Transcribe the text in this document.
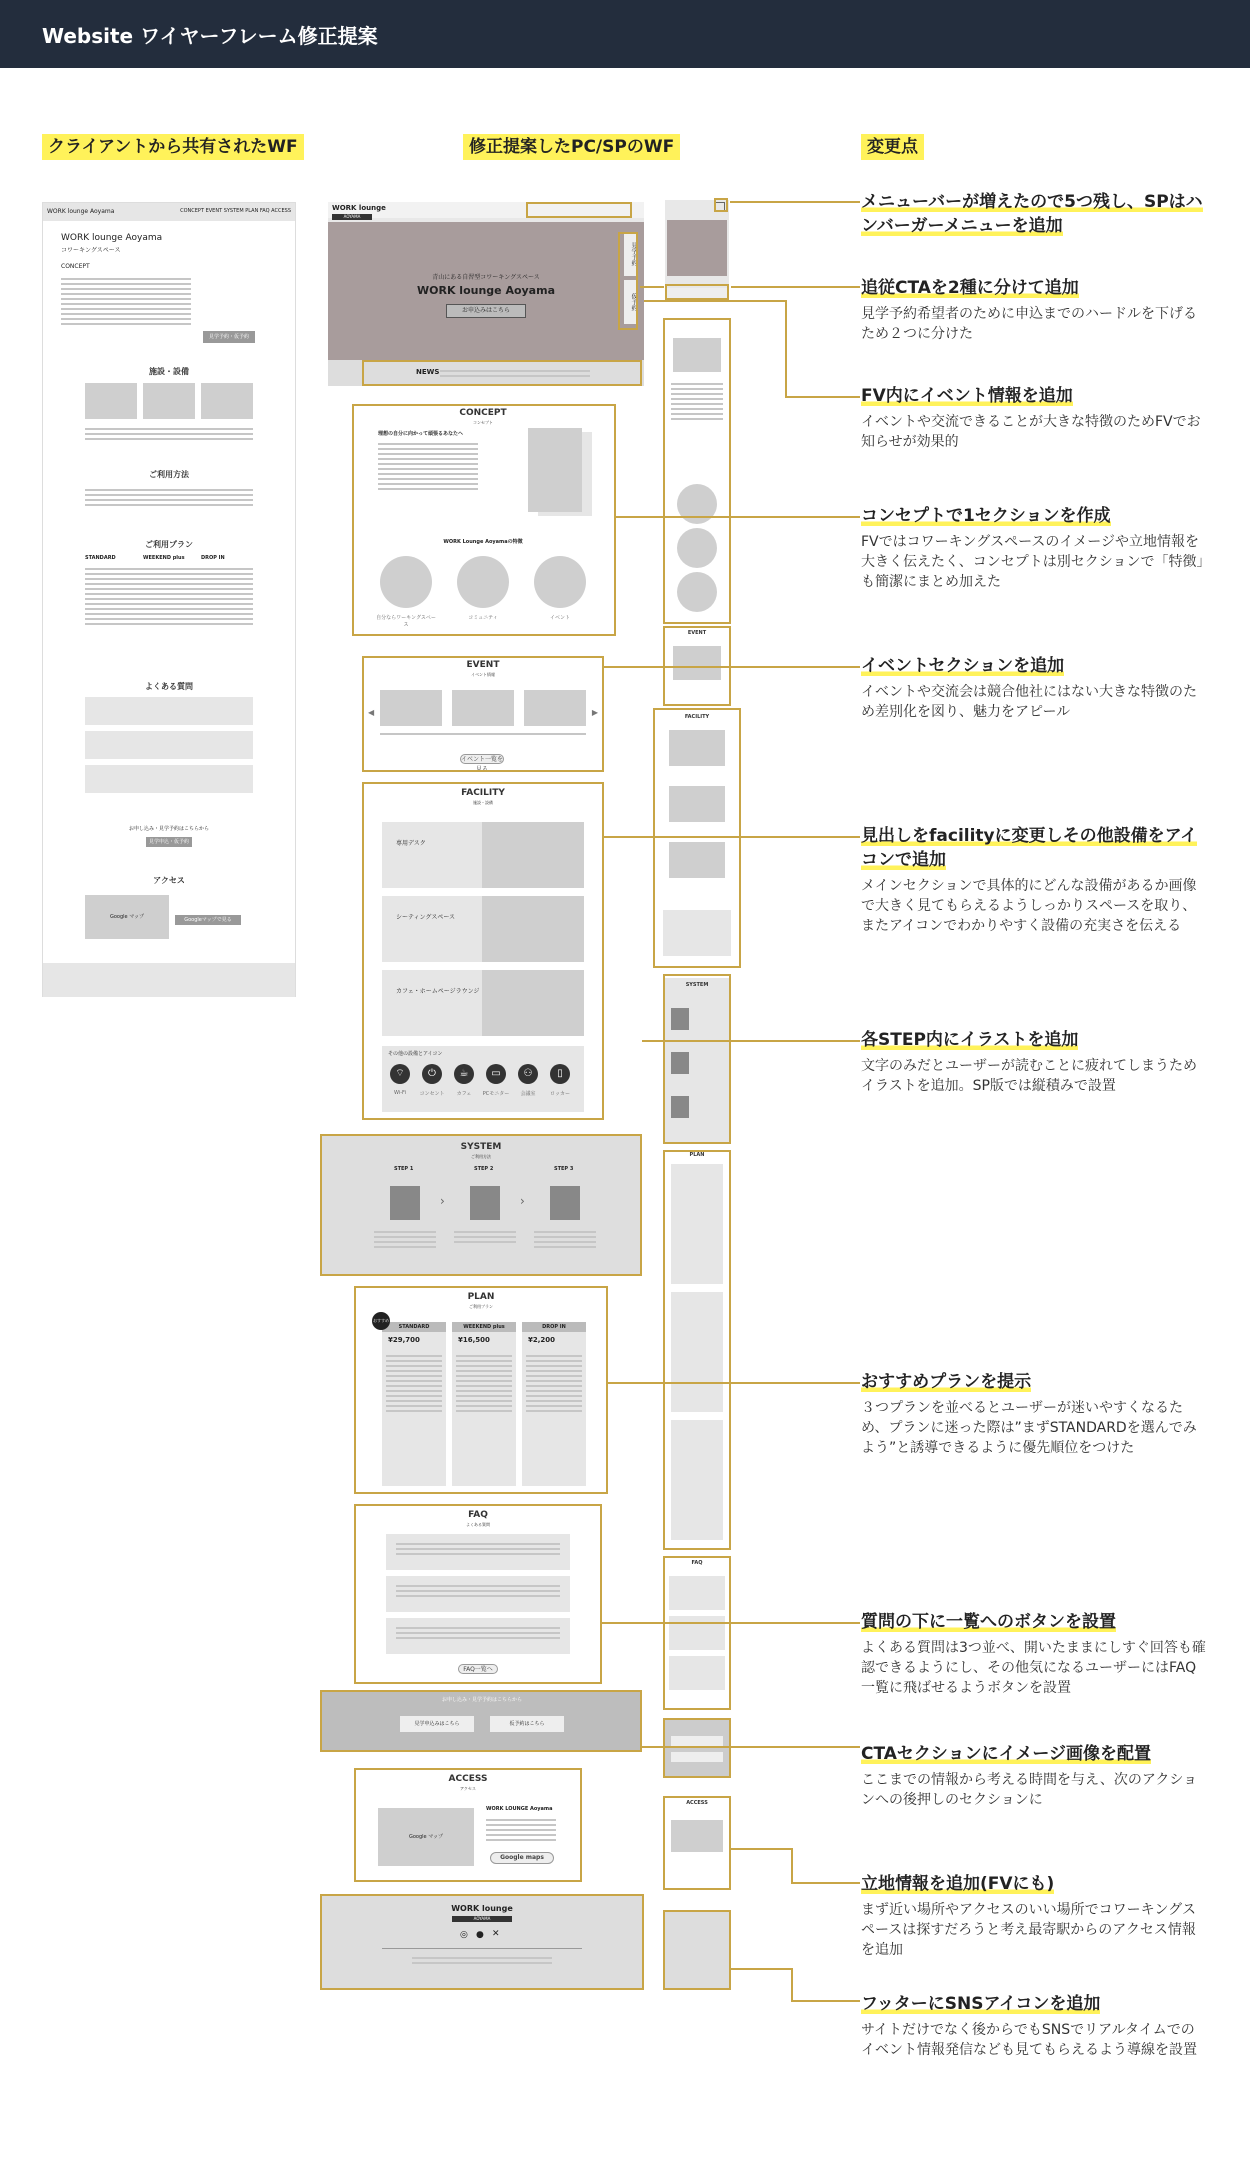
Website ワイヤーフレーム修正提案
クライアントから共有されたWF	修正提案したPC/SPのWF	変更点
WORK lounge Aoyama	CONCEPT EVENT SYSTEM PLAN FAQ ACCESS
WORK lounge Aoyama
コワーキングスペース
CONCEPT
見学予約・仮予約
施設・設備
ご利用方法
ご利用プラン
STANDARD	WEEKEND plus	DROP IN
よくある質問
お申し込み・見学予約はこちらから
見学申込・仮予約
アクセス
Google マップ	Googleマップで見る
WORK lounge
AOYAMA
青山にある自習型コワーキングスペース
WORK lounge Aoyama
お申込みはこちら
見学予約
仮予約
NEWS
CONCEPT
コンセプト
理想の自分に向かって頑張るあなたへ
WORK Lounge Aoyamaの特徴
自分ならワーキングスペース
コミュニティ	イベント
EVENT
イベント情報
◀	▶
イベント一覧を見る
FACILITY
施設・設備
専用デスク
シーティングスペース
カフェ・ホームページラウンジ
その他の設備とアイコン
⌔	⏻	☕	▭	⚇	▯
Wi-Fi	コンセント	カフェ	PCモニター	会議室	ロッカー
SYSTEM
ご利用方法
STEP 1	STEP 2	STEP 3
›	›
PLAN
ご利用プラン
おすすめ
STANDARD
¥29,700
WEEKEND plus
¥16,500
DROP IN
¥2,200
FAQ
よくある質問
FAQ一覧へ
お申し込み・見学予約はこちらから
見学申込みはこちら	仮予約はこちら
ACCESS
アクセス
Google マップ
WORK LOUNGE Aoyama
Google maps
WORK lounge
AOYAMA
◎ ● ✕
EVENT
FACILITY
SYSTEM
PLAN
FAQ
ACCESS
メニューバーが増えたので5つ残し、SPはハンバーガーメニューを追加
追従CTAを2種に分けて追加
見学予約希望者のために申込までのハードルを下げるため２つに分けた
FV内にイベント情報を追加
イベントや交流できることが大きな特徴のためFVでお知らせが効果的
コンセプトで1セクションを作成
FVではコワーキングスペースのイメージや立地情報を大きく伝えたく、コンセプトは別セクションで「特徴」も簡潔にまとめ加えた
イベントセクションを追加
イベントや交流会は競合他社にはない大きな特徴のため差別化を図り、魅力をアピール
見出しをfacilityに変更しその他設備をアイコンで追加
メインセクションで具体的にどんな設備があるか画像で大きく見てもらえるようしっかりスペースを取り、またアイコンでわかりやすく設備の充実さを伝える
各STEP内にイラストを追加
文字のみだとユーザーが読むことに疲れてしまうためイラストを追加。SP版では縦積みで設置
おすすめプランを提示
３つプランを並べるとユーザーが迷いやすくなるため、プランに迷った際は”まずSTANDARDを選んでみよう”と誘導できるように優先順位をつけた
質問の下に一覧へのボタンを設置
よくある質問は3つ並べ、開いたままにしすぐ回答も確認できるようにし、その他気になるユーザーにはFAQ一覧に飛ばせるようボタンを設置
CTAセクションにイメージ画像を配置
ここまでの情報から考える時間を与え、次のアクションへの後押しのセクションに
立地情報を追加(FVにも)
まず近い場所やアクセスのいい場所でコワーキングスペースは探すだろうと考え最寄駅からのアクセス情報を追加
フッターにSNSアイコンを追加
サイトだけでなく後からでもSNSでリアルタイムでのイベント情報発信なども見てもらえるよう導線を設置
